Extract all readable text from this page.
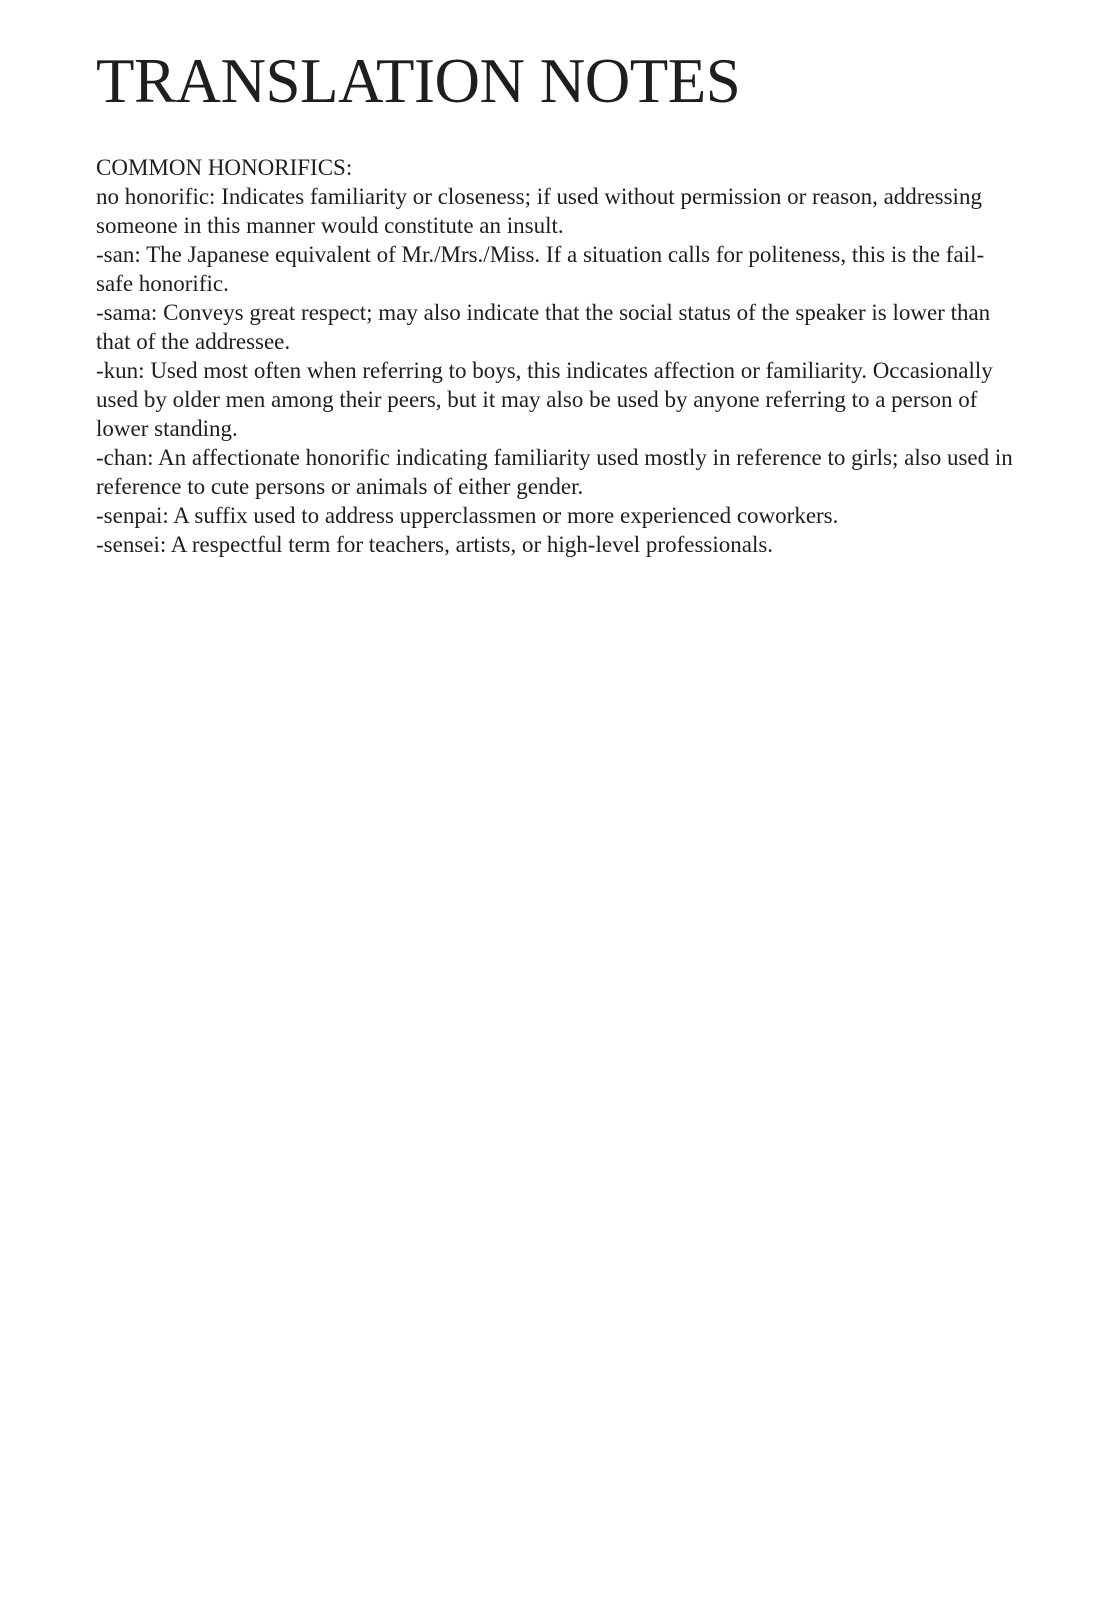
TRANSLATION NOTES
COMMON HONORIFICS:
no honorific: Indicates familiarity or closeness; if used without permission or reason, addressing someone in this manner would constitute an insult.
-san: The Japanese equivalent of Mr./Mrs./Miss. If a situation calls for politeness, this is the fail-safe honorific.
-sama: Conveys great respect; may also indicate that the social status of the speaker is lower than that of the addressee.
-kun: Used most often when referring to boys, this indicates affection or familiarity. Occasionally used by older men among their peers, but it may also be used by anyone referring to a person of lower standing.
-chan: An affectionate honorific indicating familiarity used mostly in reference to girls; also used in reference to cute persons or animals of either gender.
-senpai: A suffix used to address upperclassmen or more experienced coworkers.
-sensei: A respectful term for teachers, artists, or high-level professionals.
